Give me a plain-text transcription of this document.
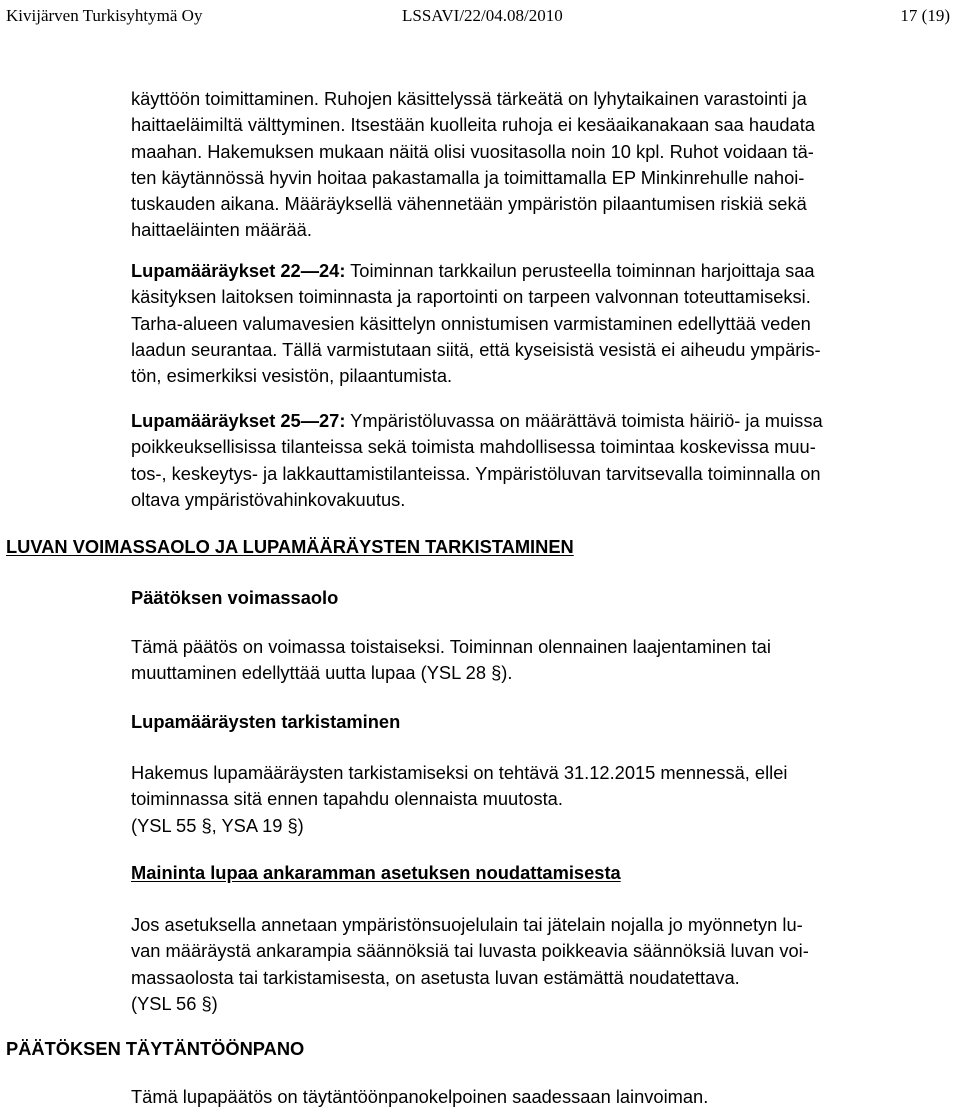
Kivijärven Turkisyhtymä Oy	LSSAVI/22/04.08/2010	17 (19)
käyttöön toimittaminen. Ruhojen käsittelyssä tärkeätä on lyhytaikainen varastointi ja
haittaeläimiltä välttyminen. Itsestään kuolleita ruhoja ei kesäaikanakaan saa haudata
maahan. Hakemuksen mukaan näitä olisi vuositasolla noin 10 kpl. Ruhot voidaan tä-
ten käytännössä hyvin hoitaa pakastamalla ja toimittamalla EP Minkinrehulle nahoi-
tuskauden aikana. Määräyksellä vähennetään ympäristön pilaantumisen riskiä sekä
haittaeläinten määrää.
Lupamääräykset 22—24: Toiminnan tarkkailun perusteella toiminnan harjoittaja saa
käsityksen laitoksen toiminnasta ja raportointi on tarpeen valvonnan toteuttamiseksi.
Tarha-alueen valumavesien käsittelyn onnistumisen varmistaminen edellyttää veden
laadun seurantaa. Tällä varmistutaan siitä, että kyseisistä vesistä ei aiheudu ympäris-
tön, esimerkiksi vesistön, pilaantumista.
Lupamääräykset 25—27: Ympäristöluvassa on määrättävä toimista häiriö- ja muissa
poikkeuksellisissa tilanteissa sekä toimista mahdollisessa toimintaa koskevissa muu-
tos-, keskeytys- ja lakkauttamistilanteissa. Ympäristöluvan tarvitsevalla toiminnalla on
oltava ympäristövahinkovakuutus.
LUVAN VOIMASSAOLO JA LUPAMÄÄRÄYSTEN TARKISTAMINEN
Päätöksen voimassaolo
Tämä päätös on voimassa toistaiseksi. Toiminnan olennainen laajentaminen tai
muuttaminen edellyttää uutta lupaa (YSL 28 §).
Lupamääräysten tarkistaminen
Hakemus lupamääräysten tarkistamiseksi on tehtävä 31.12.2015 mennessä, ellei
toiminnassa sitä ennen tapahdu olennaista muutosta.
(YSL 55 §, YSA 19 §)
Maininta lupaa ankaramman asetuksen noudattamisesta
Jos asetuksella annetaan ympäristönsuojelulain tai jätelain nojalla jo myönnetyn lu-
van määräystä ankarampia säännöksiä tai luvasta poikkeavia säännöksiä luvan voi-
massaolosta tai tarkistamisesta, on asetusta luvan estämättä noudatettava.
(YSL 56 §)
PÄÄTÖKSEN TÄYTÄNTÖÖNPANO
Tämä lupapäätös on täytäntöönpanokelpoinen saadessaan lainvoiman.
